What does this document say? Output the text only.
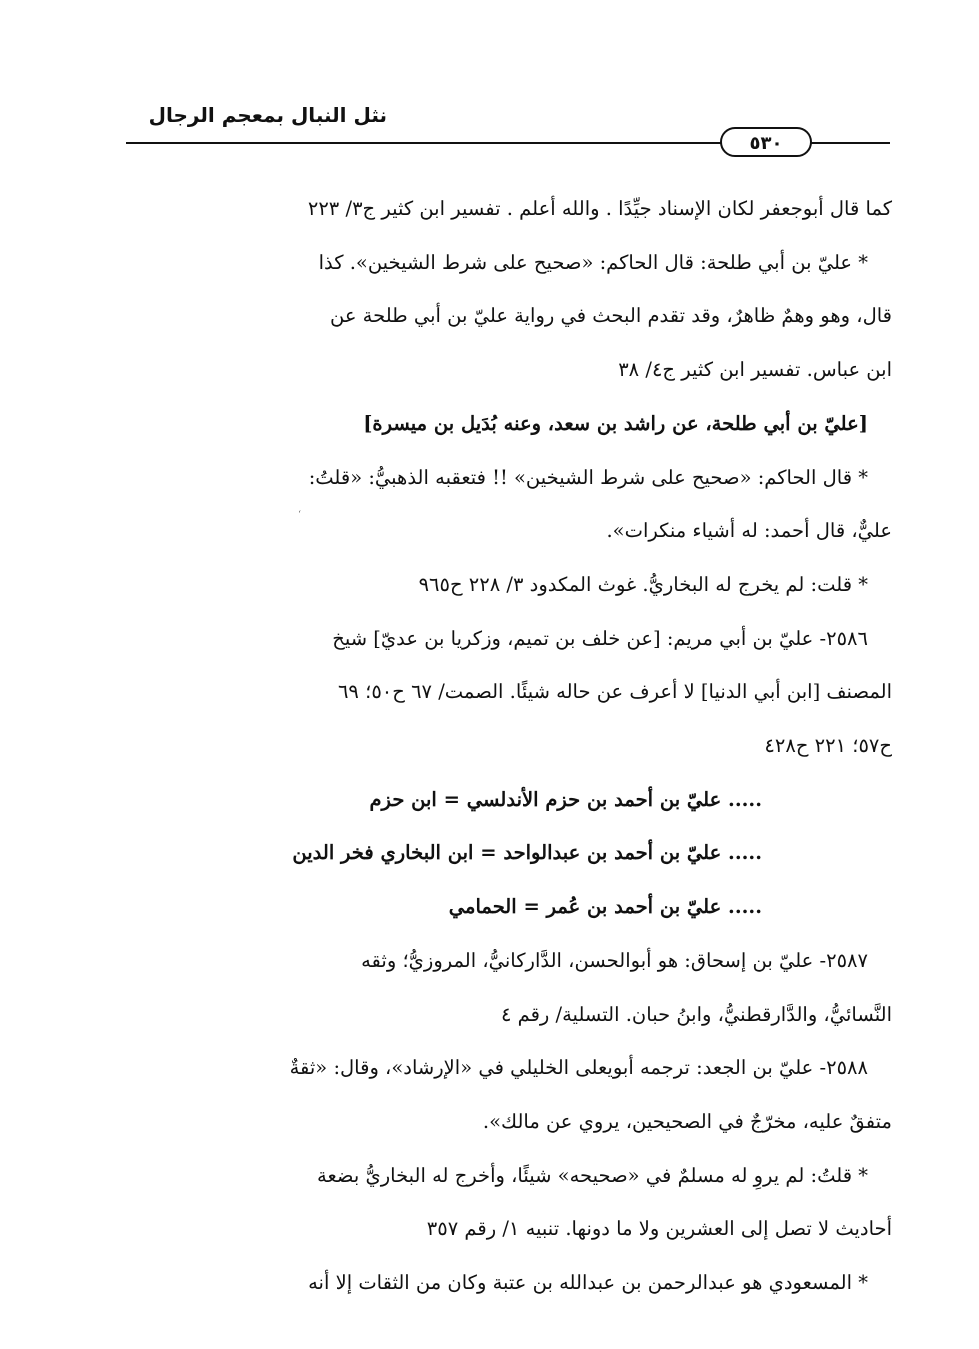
نثل النبال بمعجم الرجال
٥٣٠

كما قال أبوجعفر لكان الإسناد جيِّدًا . والله أعلم . تفسير ابن كثير ج٣/ ٢٢٣

* عليّ بن أبي طلحة: قال الحاكم: «صحيح على شرط الشيخين». كذا

قال، وهو وهمٌ ظاهرٌ، وقد تقدم البحث في رواية عليّ بن أبي طلحة عن

ابن عباس. تفسير ابن كثير ج٤/ ٣٨

[عليّ بن أبي طلحة، عن راشد بن سعد، وعنه بُدَيل بن ميسرة]

* قال الحاكم: «صحيح على شرط الشيخين» !! فتعقبه الذهبيُّ: «قلتُ:

عليٌّ، قال أحمد: له أشياء منكرات».

* قلت: لم يخرج له البخاريُّ. غوث المكدود ٣/ ٢٢٨ ح٩٦٥

٢٥٨٦- عليّ بن أبي مريم: [عن خلف بن تميم، وزكريا بن عديّ] شيخ

المصنف [ابن أبي الدنيا] لا أعرف عن حاله شيئًا. الصمت/ ٦٧ ح٥٠؛ ٦٩

ح٥٧؛ ٢٢١ ح٤٢٨

..... عليّ بن أحمد بن حزم الأندلسي = ابن حزم

..... عليّ بن أحمد بن عبدالواحد = ابن البخاري فخر الدين

..... عليّ بن أحمد بن عُمر = الحمامي

٢٥٨٧- عليّ بن إسحاق: هو أبوالحسن، الدَّاركانيُّ، المروزيُّ؛ وثقه

النَّسائيُّ، والدَّارقطنيُّ، وابنُ حبان. التسلية/ رقم ٤

٢٥٨٨- عليّ بن الجعد: ترجمه أبويعلى الخليلي في «الإرشاد»، وقال: «ثقةٌ

متفقٌ عليه، مخرّجٌ في الصحيحين، يروي عن مالك».

* قلتُ: لم يروِ له مسلمٌ في «صحيحه» شيئًا، وأخرج له البخاريُّ بضعة

أحاديث لا تصل إلى العشرين ولا ما دونها. تنبيه ١/ رقم ٣٥٧

* المسعودي هو عبدالرحمن بن عبدالله بن عتبة وكان من الثقات إلا أنه

ʻ
